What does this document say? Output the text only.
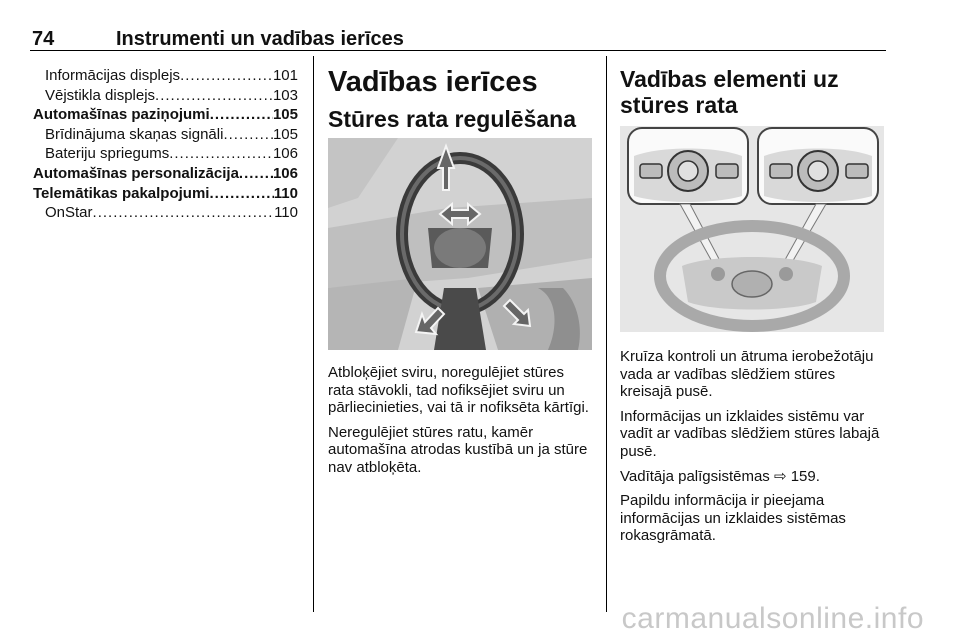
74	Instrumenti un vadības ierīces
Informācijas displejs .....	101
Vējstikla displejs .....	103
Automašīnas paziņojumi .....	105
Brīdinājuma skaņas signāli .....	105
Bateriju spriegums .....	106
Automašīnas personalizācija ..... 106
Telemātikas pakalpojumi .....	110
OnStar .....	110
Vadības ierīces
Stūres rata regulēšana

Atbloķējiet sviru, noregulējiet stūres rata stāvokli, tad nofiksējiet sviru un pārliecinieties, vai tā ir nofiksēta kārtīgi.

Neregulējiet stūres ratu, kamēr automašīna atrodas kustībā un ja stūre nav atbloķēta.

Vadības elementi uz stūres rata

Kruīza kontroli un ātruma ierobežotāju vada ar vadības slēdžiem stūres kreisajā pusē.

Informācijas un izklaides sistēmu var vadīt ar vadības slēdžiem stūres labajā pusē.

Vadītāja palīgsistēmas ⇨ 159.

Papildu informācija ir pieejama informācijas un izklaides sistēmas rokasgrāmatā.

carmanualsonline.info
